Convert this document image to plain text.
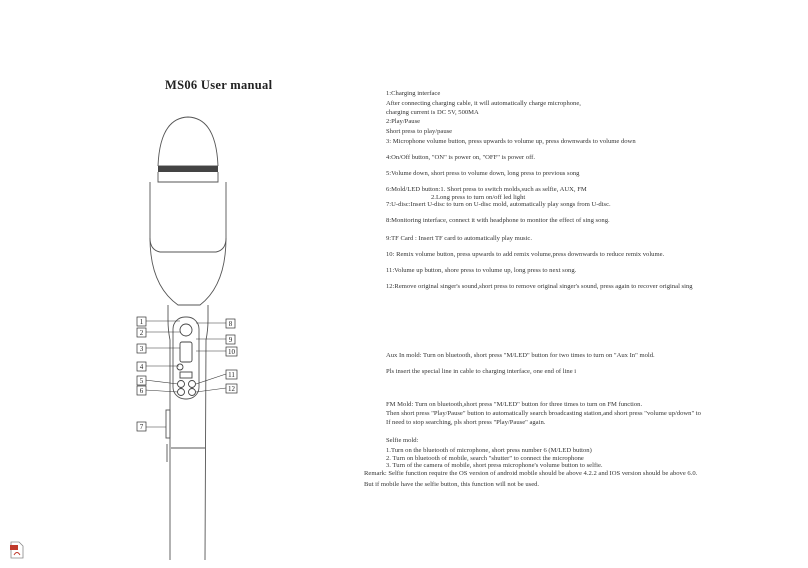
MS06 User manual
1
2
3
4
5
6
7
8
9
10
11
12
1:Charging interface
After connecting charging cable, it will automatically charge microphone,
charging current is DC 5V, 500MA
2:Play/Pause
Short press to play/pause
3: Microphone volume button, press upwards to volume up, press downwards to volume down
4:On/Off button, "ON" is power on, "OFF" is power off.
5:Volume down, short press to volume down, long press to previous song
6:Mold/LED button:1. Short press to switch molds,such as selfie, AUX, FM
2.Long press to turn on/off led light
7:U-disc:Insert U-disc to turn on U-disc mold, automatically play songs from U-disc.
8:Monitoring interface, connect it with headphone to monitor the effect of sing song.
9:TF Card : Insert TF card to automatically play music.
10: Remix volume button, press upwards to add remix volume,press downwards to reduce remix volume.
11:Volume up button, shore press to volume up, long press to next song.
12:Remove original singer's sound,short press to remove original singer's sound, press again to recover original sing
Aux In mold: Turn on bluetooth, short press "M/LED" button for two times to turn on "Aux In" mold.
Pls insert the special line in cable to charging interface, one end of line i
FM Mold: Turn on bluetooth,short press "M/LED" button for three times to turn on FM function.
Then short press "Play/Pause" button to automatically search broadcasting station,and short press "volume up/down" to
If need to stop searching, pls short press "Play/Pause" again.
Selfie mold:
1.Turn on the bluetooth of microphone, short press number 6 (M/LED button)
2. Turn on bluetooth of mobile, search "shutter" to connect the microphone
3. Turn of the camera of mobile, short press microphone's volume button to selfie.
Remark: Selfie function require the OS version of android mobile should be above 4.2.2 and IOS version should be above 6.0.
But if mobile have the selfie button, this function will not be used.
